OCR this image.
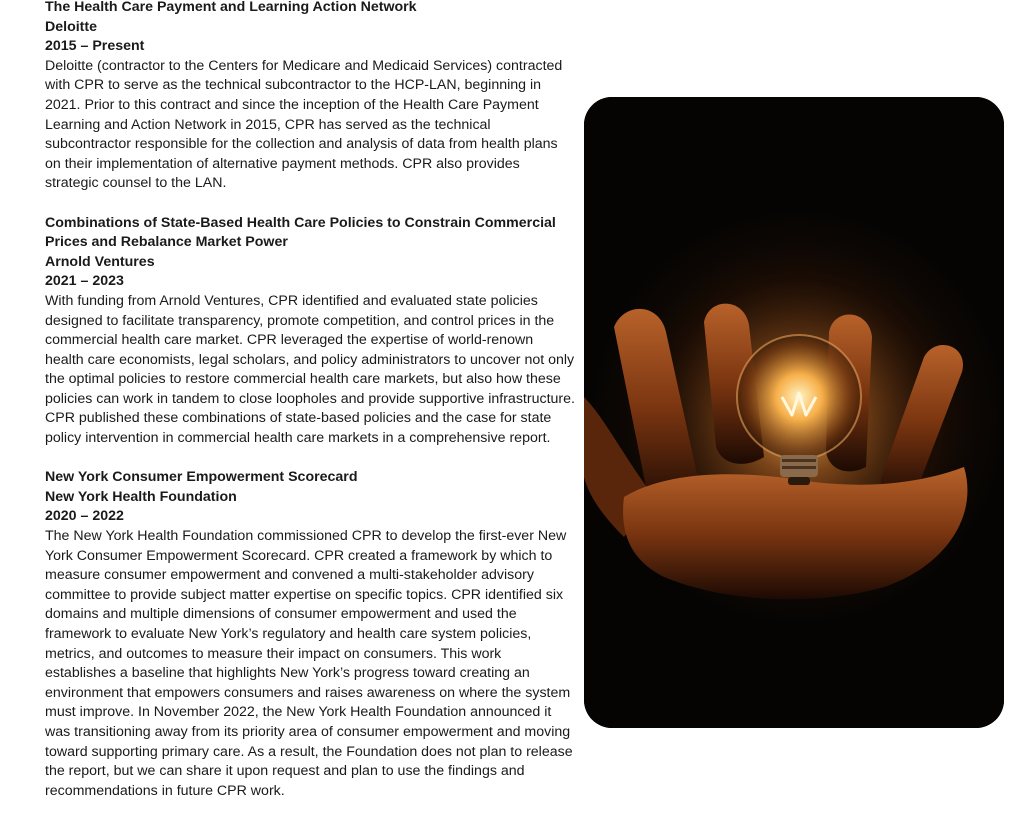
The Health Care Payment and Learning Action Network
Deloitte
2015 – Present
Deloitte (contractor to the Centers for Medicare and Medicaid Services) contracted with CPR to serve as the technical subcontractor to the HCP-LAN, beginning in 2021. Prior to this contract and since the inception of the Health Care Payment Learning and Action Network in 2015, CPR has served as the technical subcontractor responsible for the collection and analysis of data from health plans on their implementation of alternative payment methods. CPR also provides strategic counsel to the LAN.
Combinations of State-Based Health Care Policies to Constrain Commercial Prices and Rebalance Market Power
Arnold Ventures
2021 – 2023
With funding from Arnold Ventures, CPR identified and evaluated state policies designed to facilitate transparency, promote competition, and control prices in the commercial health care market. CPR leveraged the expertise of world-renown health care economists, legal scholars, and policy administrators to uncover not only the optimal policies to restore commercial health care markets, but also how these policies can work in tandem to close loopholes and provide supportive infrastructure. CPR published these combinations of state-based policies and the case for state policy intervention in commercial health care markets in a comprehensive report.
New York Consumer Empowerment Scorecard
New York Health Foundation
2020 – 2022
The New York Health Foundation commissioned CPR to develop the first-ever New York Consumer Empowerment Scorecard. CPR created a framework by which to measure consumer empowerment and convened a multi-stakeholder advisory committee to provide subject matter expertise on specific topics. CPR identified six domains and multiple dimensions of consumer empowerment and used the framework to evaluate New York’s regulatory and health care system policies, metrics, and outcomes to measure their impact on consumers. This work establishes a baseline that highlights New York’s progress toward creating an environment that empowers consumers and raises awareness on where the system must improve. In November 2022, the New York Health Foundation announced it was transitioning away from its priority area of consumer empowerment and moving toward supporting primary care. As a result, the Foundation does not plan to release the report, but we can share it upon request and plan to use the findings and recommendations in future CPR work.
